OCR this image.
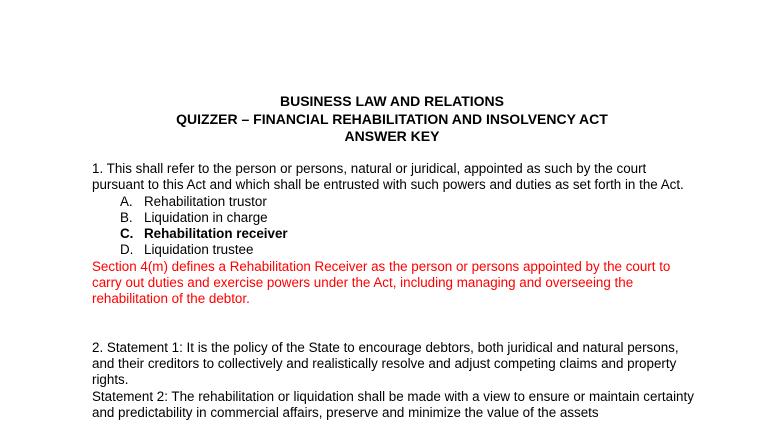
BUSINESS LAW AND RELATIONS
QUIZZER – FINANCIAL REHABILITATION AND INSOLVENCY ACT
ANSWER KEY

1. This shall refer to the person or persons, natural or juridical, appointed as such by the court pursuant to this Act and which shall be entrusted with such powers and duties as set forth in the Act.

A. Rehabilitation trustor
B. Liquidation in charge
C. Rehabilitation receiver
D. Liquidation trustee

Section 4(m) defines a Rehabilitation Receiver as the person or persons appointed by the court to carry out duties and exercise powers under the Act, including managing and overseeing the rehabilitation of the debtor.

2. Statement 1: It is the policy of the State to encourage debtors, both juridical and natural persons, and their creditors to collectively and realistically resolve and adjust competing claims and property rights.

Statement 2: The rehabilitation or liquidation shall be made with a view to ensure or maintain certainty and predictability in commercial affairs, preserve and minimize the value of the assets
